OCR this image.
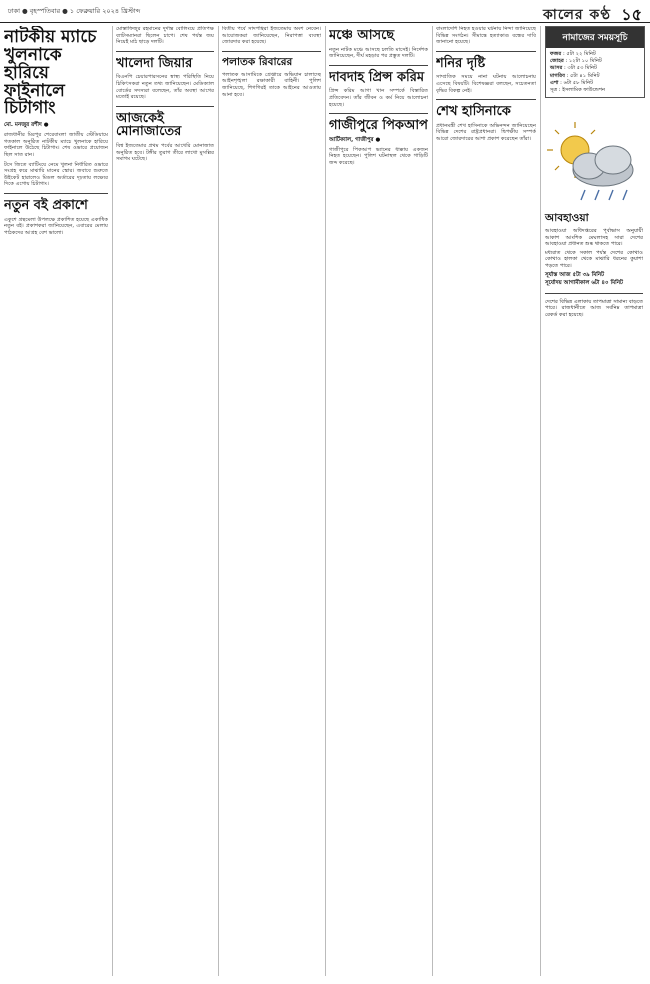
ঢাকা ● বৃহস্পতিবার ● ১ ফেব্রুয়ারি ২০২৪ খ্রিস্টাব্দ	কালের কণ্ঠ ১৫
নাটকীয় ম্যাচে খুলনাকে হারিয়ে ফাইনালে চিটাগাং
মো. মনজুর রশীদ ●

রাজধানীর মিরপুর শেরেবাংলা জাতীয় স্টেডিয়ামে গতকাল অনুষ্ঠিত নাটকীয় ম্যাচে খুলনাকে হারিয়ে ফাইনালে উঠেছে চিটাগাং। শেষ ওভারে প্রয়োজন ছিল সাত রান।

টসে জিতে ব্যাটিংয়ে নেমে খুলনা নির্ধারিত ওভারে সংগ্রহ করে মাঝারি মানের স্কোর। জবাবে শুরুতে উইকেট হারালেও মিডল অর্ডারের দৃঢ়তায় লক্ষ্যের দিকে এগোয় চিটাগাং।

নতুন বই প্রকাশে

একুশে গ্রন্থমেলা উপলক্ষে প্রকাশিত হয়েছে একাধিক নতুন বই। প্রকাশকরা জানিয়েছেন, এবারের মেলায় পাঠকদের আগ্রহ বেশ ভালো।

মোস্তাফিজুর রহমানের দুর্দান্ত বোলিংয়ে প্রতিপক্ষ ব্যাটসম্যানরা ছিলেন চাপে। শেষ পর্যন্ত জয় নিয়েই মাঠ ছাড়ে দলটি।

খালেদা জিয়ার

বিএনপি চেয়ারপারসনের স্বাস্থ্য পরিস্থিতি নিয়ে চিকিৎসকরা নতুন তথ্য জানিয়েছেন। মেডিক্যাল বোর্ডের সদস্যরা বলেছেন, তাঁর অবস্থা আগের মতোই রয়েছে।

আজকেই মোনাজাতের

বিশ্ব ইজতেমার প্রথম পর্বের আখেরি মোনাজাত অনুষ্ঠিত হবে। টঙ্গীর তুরাগ তীরে লাখো মুসল্লির সমাগম ঘটেছে।

বিতীয় পর্বে সাদপন্থিরা ইজতেমায় অংশ নেবেন। আয়োজকরা জানিয়েছেন, নিরাপত্তা ব্যবস্থা জোরদার করা হয়েছে।

পলাতক রিবারের

পলাতক আসামিকে গ্রেপ্তারে অভিযান চালাচ্ছে আইনশৃঙ্খলা রক্ষাকারী বাহিনী। পুলিশ জানিয়েছে, শিগগিরই তাকে আইনের আওতায় আনা হবে।

মঞ্চে আসছে

নতুন নাটক মঞ্চে আসছে চলতি মাসেই। নির্দেশক জানিয়েছেন, দীর্ঘ মহড়ার পর প্রস্তুত দলটি।

দাবদাহ প্রিন্স করিম

প্রিন্স করিম আগা খান সম্পর্কে বিস্তারিত প্রতিবেদন। তাঁর জীবন ও কর্ম নিয়ে আলোচনা হয়েছে।

গাজীপুরে পিকআপ
আর্টিক্যাল, গাজীপুর ●

গাজীপুরে পিকআপ ভ্যানের ধাক্কায় একজন নিহত হয়েছেন। পুলিশ ঘটনাস্থল থেকে গাড়িটি জব্দ করেছে।

বাংলাদেশি নিহত হওয়ার ঘটনায় নিন্দা জানিয়েছে বিভিন্ন সংগঠন। সীমান্তে হত্যাকাণ্ড বন্ধের দাবি জানানো হয়েছে।

শনির দৃষ্টি

সাম্প্রতিক সময়ে নানা ঘটনায় আলোচনায় এসেছে বিষয়টি। বিশেষজ্ঞরা বলছেন, সচেতনতা বৃদ্ধির বিকল্প নেই।

শেখ হাসিনাকে

প্রধানমন্ত্রী শেখ হাসিনাকে অভিনন্দন জানিয়েছেন বিভিন্ন দেশের রাষ্ট্রপ্রধানরা। দ্বিপক্ষীয় সম্পর্ক আরো জোরদারের আশা প্রকাশ করেছেন তাঁরা।

নামাজের সময়সূচি
ফজর : ৫টা ২২ মিনিট
জোহর : ১২টা ১০ মিনিট
আসর : ৩টা ৫৩ মিনিট
মাগরিব : ৫টা ৪১ মিনিট
এশা : ৬টা ৫৮ মিনিট
সূত্র : ইসলামিক ফাউন্ডেশন
আবহাওয়া

আবহাওয়া অধিদপ্তরের পূর্বাভাস অনুযায়ী আকাশ আংশিক মেঘলাসহ সারা দেশের আবহাওয়া প্রধানত শুষ্ক থাকতে পারে।

মধ্যরাত থেকে সকাল পর্যন্ত দেশের কোথাও কোথাও হালকা থেকে মাঝারি ধরনের কুয়াশা পড়তে পারে।

সূর্যাস্ত আজ ৫টা ৩৯ মিনিট
সূর্যোদয় আগামীকাল ৬টা ৪০ মিনিট

দেশের বিভিন্ন এলাকায় তাপমাত্রা সামান্য বাড়তে পারে। রাজধানীতে আজ সর্বনিম্ন তাপমাত্রা রেকর্ড করা হয়েছে।
